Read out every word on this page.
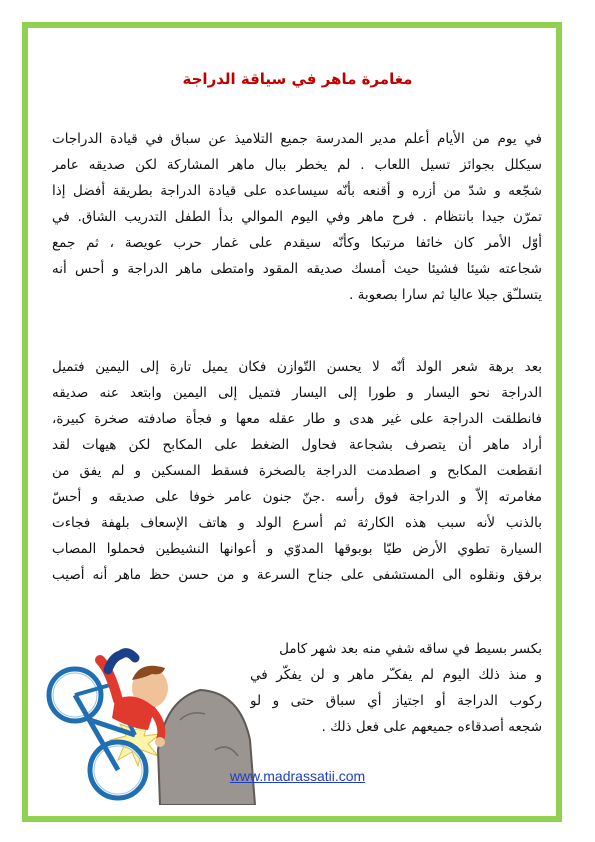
مغامرة ماهر في سياقة الدراجة
في يوم من الأيام أعلم مدير المدرسة جميع التلاميذ عن سباق في قيادة الدراجات
سيكلل بجوائز تسيل اللعاب . لم يخطر ببال ماهر المشاركة لكن صديقه عامر
شجّعه و شدّ من أزره و أقنعه بأنّه سيساعده على قيادة الدراجة بطريقة أفضل إذا
تمرّن جيدا بانتظام . فرح ماهر وفي اليوم الموالي بدأ الطفل التدريب الشاق. في
أوّل الأمر كان خائفا مرتبكا وكأنّه سيقدم على غمار حرب عويصة ، ثم جمع
شجاعته شيئا فشيئا حيث أمسك صديقه المقود وامتطى ماهر الدراجة و أحس أنه
يتسلـّق جبلا عاليا ثم سارا بصعوبة .
بعد برهة شعر الولد أنّه لا يحسن التّوازن فكان يميل تارة إلى اليمين فتميل
الدراجة نحو اليسار و طورا إلى اليسار فتميل إلى اليمين وابتعد عنه صديقه
فانطلقت الدراجة على غير هدى و طار عقله معها و فجأة صادفته صخرة كبيرة،
أراد ماهر أن يتصرف بشجاعة فحاول الضغط على المكابح لكن هيهات لقد
انقطعت المكابح و اصطدمت الدراجة بالصخرة فسقط المسكين و لم يفق من
مغامرته إلاّ و الدراجة فوق رأسه .جنّ جنون عامر خوفا على صديقه و أحسّ
بالذنب لأنه سبب هذه الكارثة ثم أسرع الولد و هاتف الإسعاف بلهفة فجاءت
السيارة تطوي الأرض طيّا بوبوقها المدوّي و أعوانها النشيطين فحملوا المصاب
برفق ونقلوه الى المستشفى على جناح السرعة و من حسن حظ ماهر أنه أصيب
بكسر بسيط في ساقه شفي منه بعد شهر كامل
و منذ ذلك اليوم لم يفكـّر ماهر و لن يفكّر في
ركوب الدراجة أو اجتياز أي سباق حتى و لو
شجعه أصدقاءه جميعهم على فعل ذلك .
www.madrassatii.com
